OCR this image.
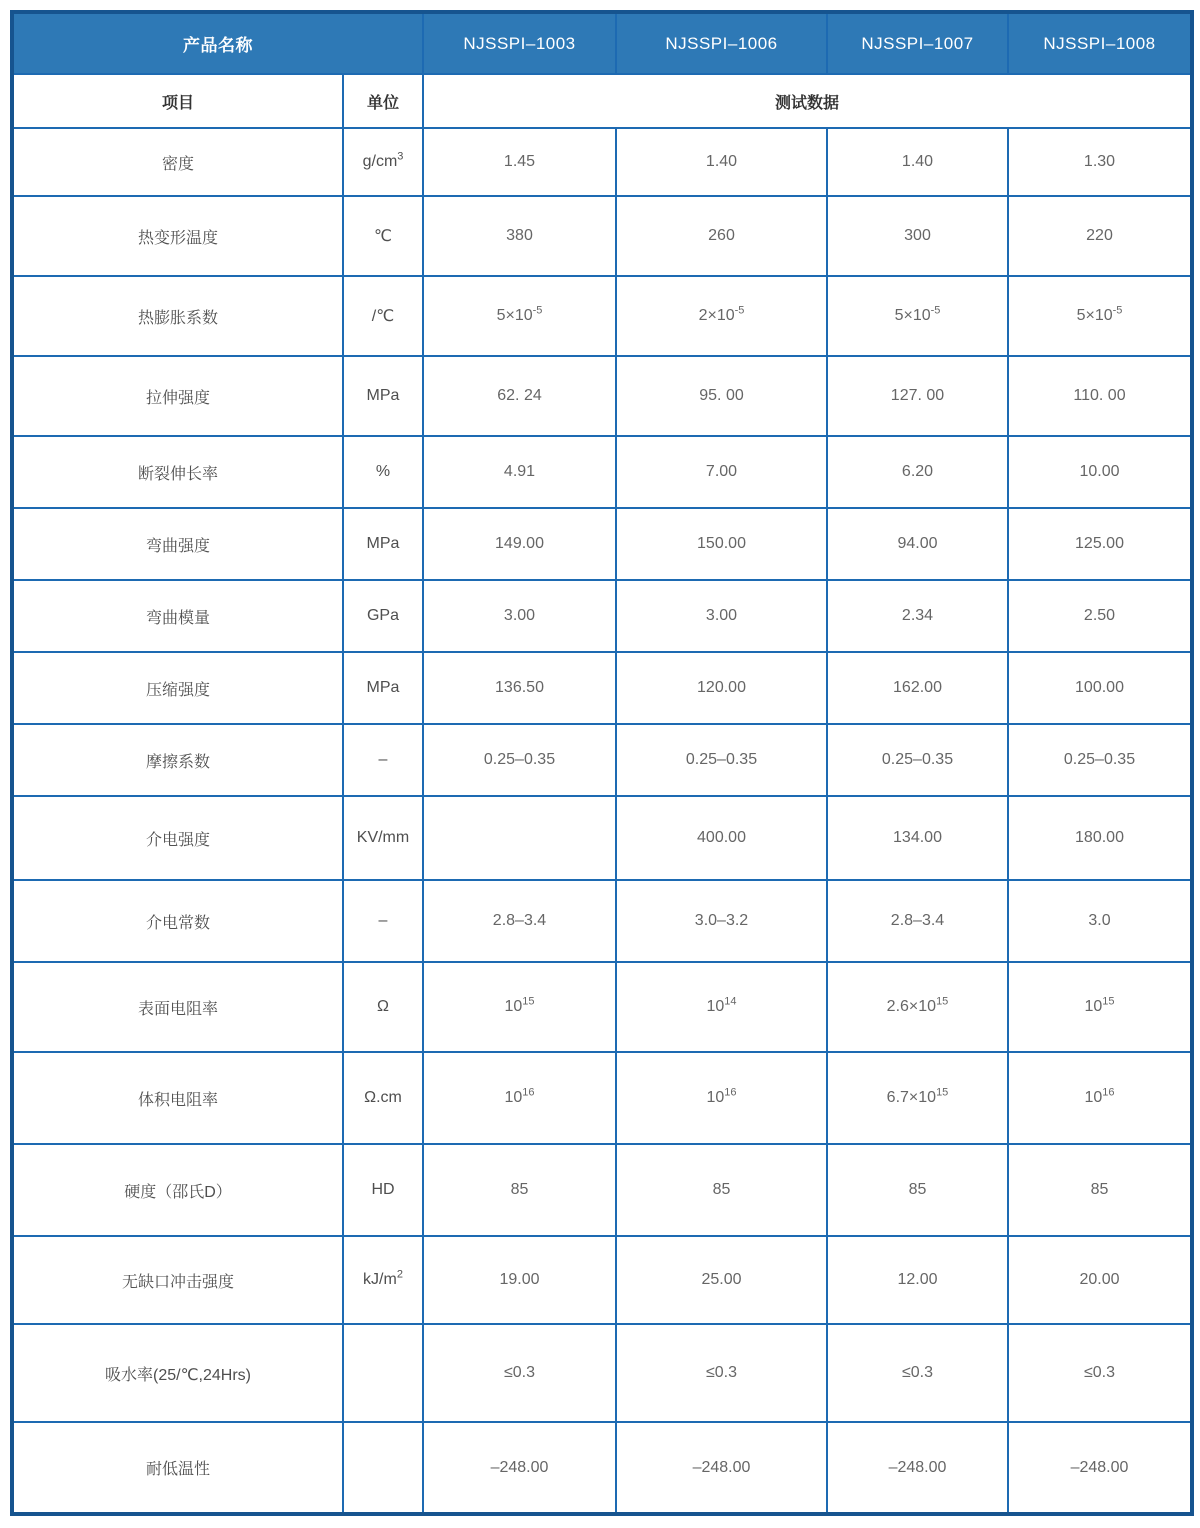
产品名称		NJSSPI–1003	NJSSPI–1006	NJSSPI–1007	NJSSPI–1008
项目	单位	测试数据			
密度	$g/cm^3$	1.45	1.40	1.40	1.30
热变形温度	℃	380	260	300	220
热膨胀系数	/℃	$5\times 10^{-5}$	$2\times 10^{-5}$	$5\times 10^{-5}$	$5\times 10^{-5}$
拉伸强度	MPa	62. 24	95. 00	127. 00	110. 00
断裂伸长率	%	4.91	7.00	6.20	10.00
弯曲强度	MPa	149.00	150.00	94.00	125.00
弯曲模量	GPa	3.00	3.00	2.34	2.50
压缩强度	MPa	136.50	120.00	162.00	100.00
摩擦系数	–	0.25–0.35	0.25–0.35	0.25–0.35	0.25–0.35
介电强度	KV/mm		400.00	134.00	180.00
介电常数	–	2.8–3.4	3.0–3.2	2.8–3.4	3.0
表面电阻率	Ω	$10^{15}$	$10^{14}$	$2.6\times 10^{15}$	$10^{15}$
体积电阻率	Ω.cm	$10^{16}$	$10^{16}$	$6.7\times 10^{15}$	$10^{16}$
硬度（邵氏D）	HD	85	85	85	85
无缺口冲击强度	$kJ/m^2$	19.00	25.00	12.00	20.00
吸水率(25/℃,24Hrs)		≤0.3	≤0.3	≤0.3	≤0.3
耐低温性		–248.00	–248.00	–248.00	–248.00
